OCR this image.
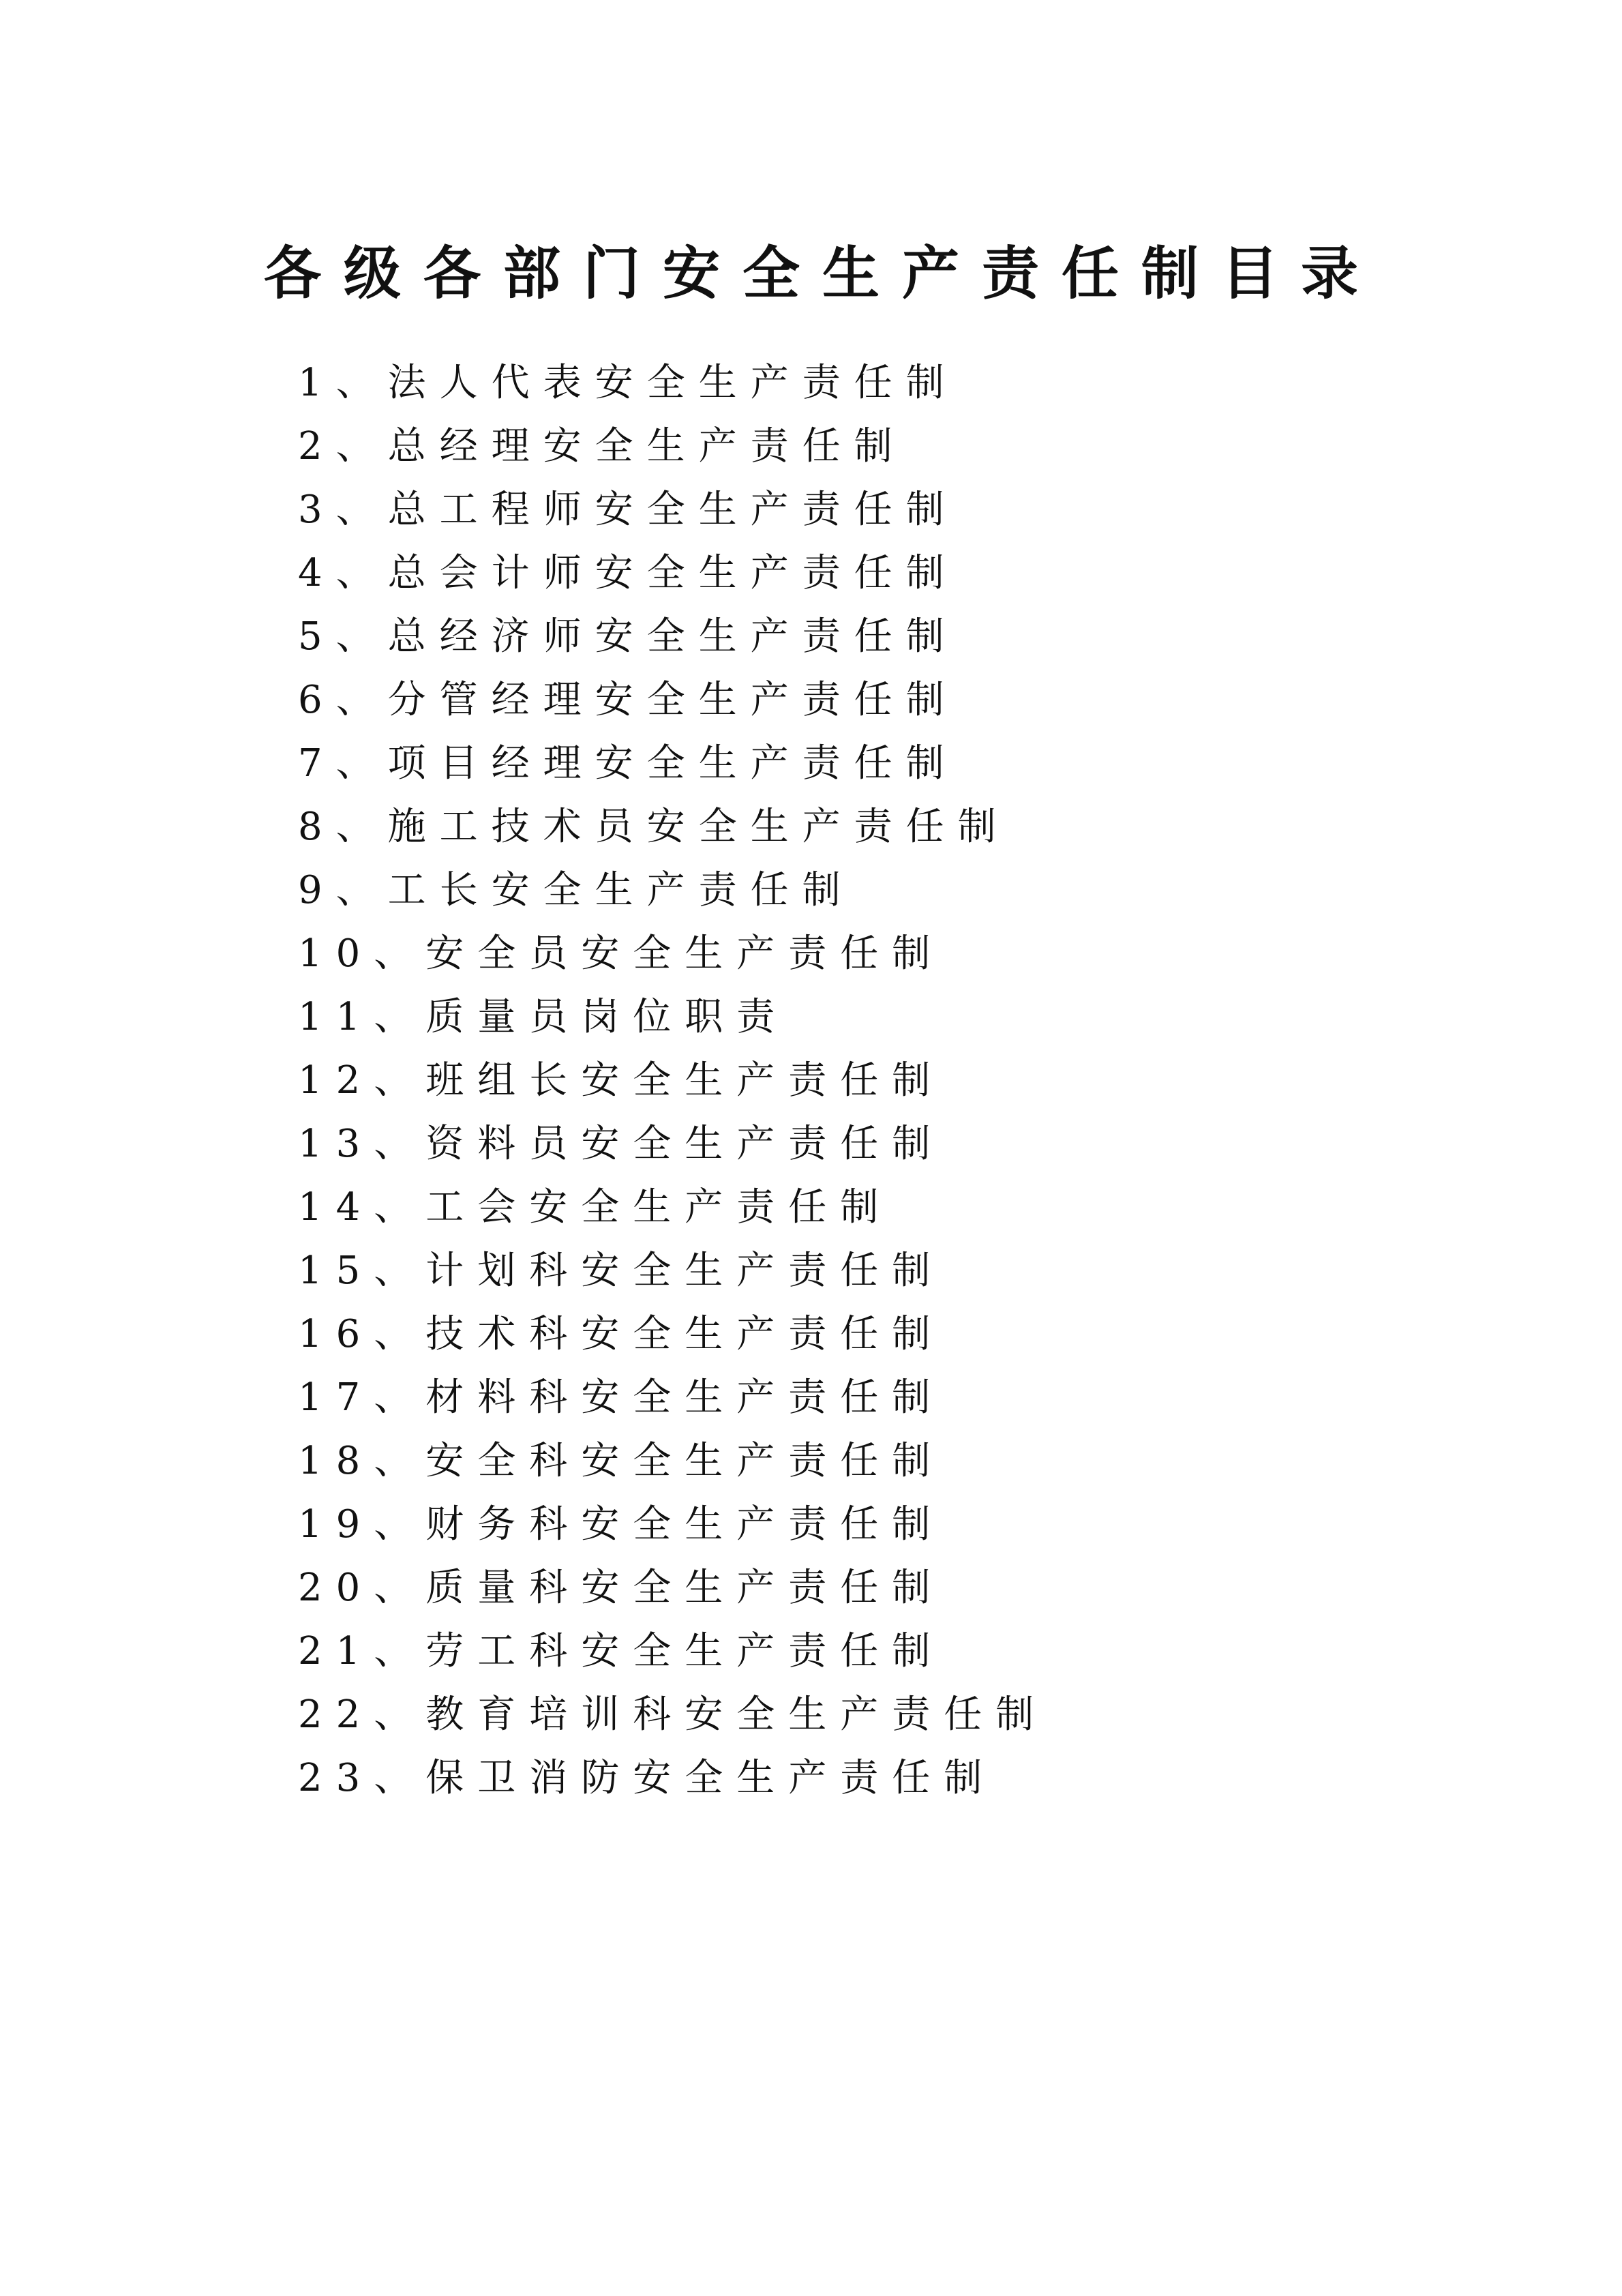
各级各部门安全生产责任制目录
1、法人代表安全生产责任制
2、总经理安全生产责任制
3、总工程师安全生产责任制
4、总会计师安全生产责任制
5、总经济师安全生产责任制
6、分管经理安全生产责任制
7、项目经理安全生产责任制
8、施工技术员安全生产责任制
9、工长安全生产责任制
10、安全员安全生产责任制
11、质量员岗位职责
12、班组长安全生产责任制
13、资料员安全生产责任制
14、工会安全生产责任制
15、计划科安全生产责任制
16、技术科安全生产责任制
17、材料科安全生产责任制
18、安全科安全生产责任制
19、财务科安全生产责任制
20、质量科安全生产责任制
21、劳工科安全生产责任制
22、教育培训科安全生产责任制
23、保卫消防安全生产责任制
